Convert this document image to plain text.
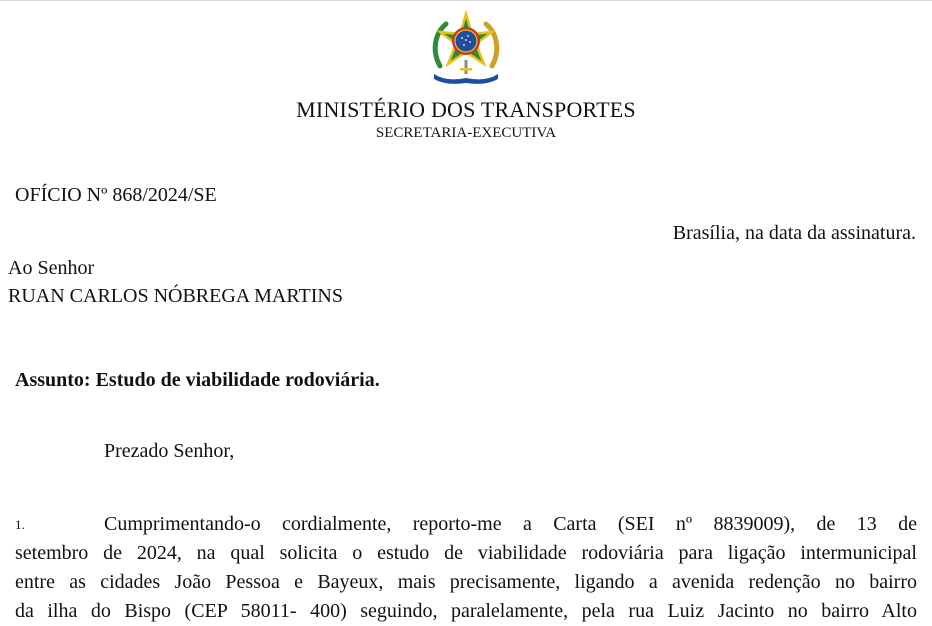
MINISTÉRIO DOS TRANSPORTES
SECRETARIA-EXECUTIVA
OFÍCIO Nº 868/2024/SE
Brasília, na data da assinatura.
Ao Senhor
RUAN CARLOS NÓBREGA MARTINS
Assunto: Estudo de viabilidade rodoviária.
Prezado Senhor,
1.	Cumprimentando-o cordialmente, reporto-me a Carta (SEI nº 8839009), de 13 de
setembro de 2024, na qual solicita o estudo de viabilidade rodoviária para ligação intermunicipal
entre as cidades João Pessoa e Bayeux, mais precisamente, ligando a avenida redenção no bairro
da ilha do Bispo (CEP 58011- 400) seguindo, paralelamente, pela rua Luiz Jacinto no bairro Alto
